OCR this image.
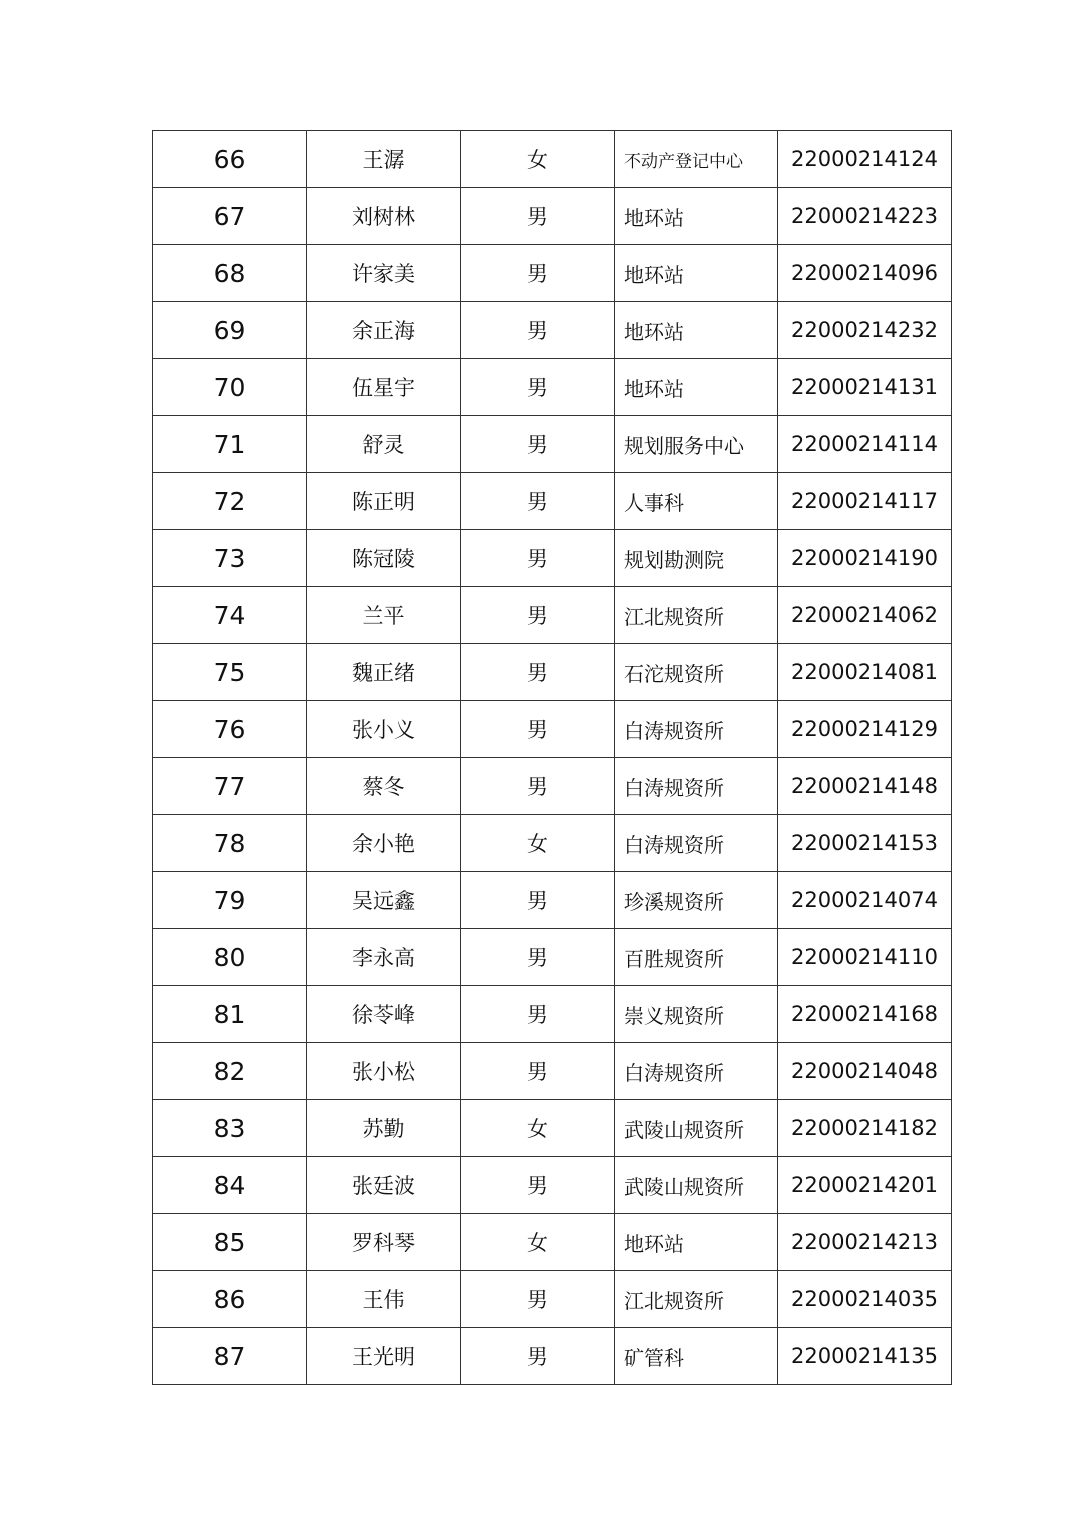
66	王潺	女	不动产登记中心	22000214124
67	刘树林	男	地环站	22000214223
68	许家美	男	地环站	22000214096
69	余正海	男	地环站	22000214232
70	伍星宇	男	地环站	22000214131
71	舒灵	男	规划服务中心	22000214114
72	陈正明	男	人事科	22000214117
73	陈冠陵	男	规划勘测院	22000214190
74	兰平	男	江北规资所	22000214062
75	魏正绪	男	石沱规资所	22000214081
76	张小义	男	白涛规资所	22000214129
77	蔡冬	男	白涛规资所	22000214148
78	余小艳	女	白涛规资所	22000214153
79	吴远鑫	男	珍溪规资所	22000214074
80	李永高	男	百胜规资所	22000214110
81	徐苓峰	男	崇义规资所	22000214168
82	张小松	男	白涛规资所	22000214048
83	苏勤	女	武陵山规资所	22000214182
84	张廷波	男	武陵山规资所	22000214201
85	罗科琴	女	地环站	22000214213
86	王伟	男	江北规资所	22000214035
87	王光明	男	矿管科	22000214135
